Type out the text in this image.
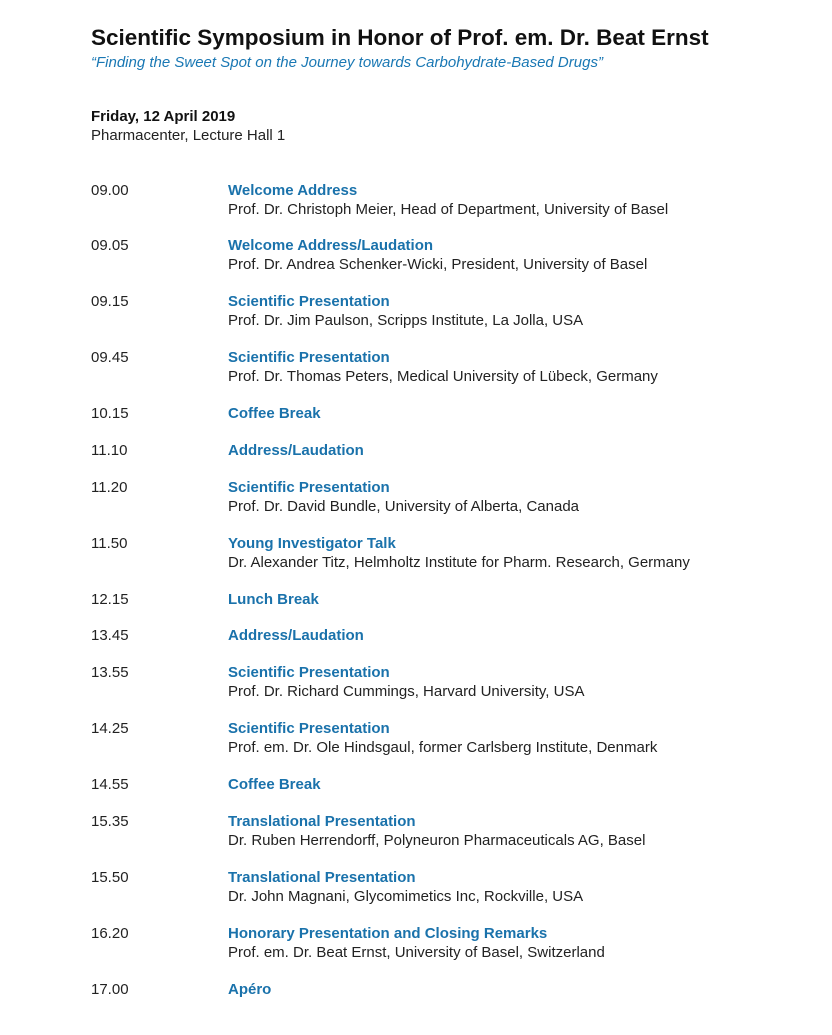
Scientific Symposium in Honor of Prof. em. Dr. Beat Ernst
“Finding the Sweet Spot on the Journey towards Carbohydrate-Based Drugs”
Friday, 12 April 2019
Pharmacenter, Lecture Hall 1
09.00	Welcome Address
Prof. Dr. Christoph Meier, Head of Department, University of Basel
09.05	Welcome Address/Laudation
Prof. Dr. Andrea Schenker-Wicki, President, University of Basel
09.15	Scientific Presentation
Prof. Dr. Jim Paulson, Scripps Institute, La Jolla, USA
09.45	Scientific Presentation
Prof. Dr. Thomas Peters, Medical University of Lübeck, Germany
10.15	Coffee Break
11.10	Address/Laudation
11.20	Scientific Presentation
Prof. Dr. David Bundle, University of Alberta, Canada
11.50	Young Investigator Talk
Dr. Alexander Titz, Helmholtz Institute for Pharm. Research, Germany
12.15	Lunch Break
13.45	Address/Laudation
13.55	Scientific Presentation
Prof. Dr. Richard Cummings, Harvard University, USA
14.25	Scientific Presentation
Prof. em. Dr. Ole Hindsgaul, former Carlsberg Institute, Denmark
14.55	Coffee Break
15.35	Translational Presentation
Dr. Ruben Herrendorff, Polyneuron Pharmaceuticals AG, Basel
15.50	Translational Presentation
Dr. John Magnani, Glycomimetics Inc, Rockville, USA
16.20	Honorary Presentation and Closing Remarks
Prof. em. Dr. Beat Ernst, University of Basel, Switzerland
17.00	Apéro
